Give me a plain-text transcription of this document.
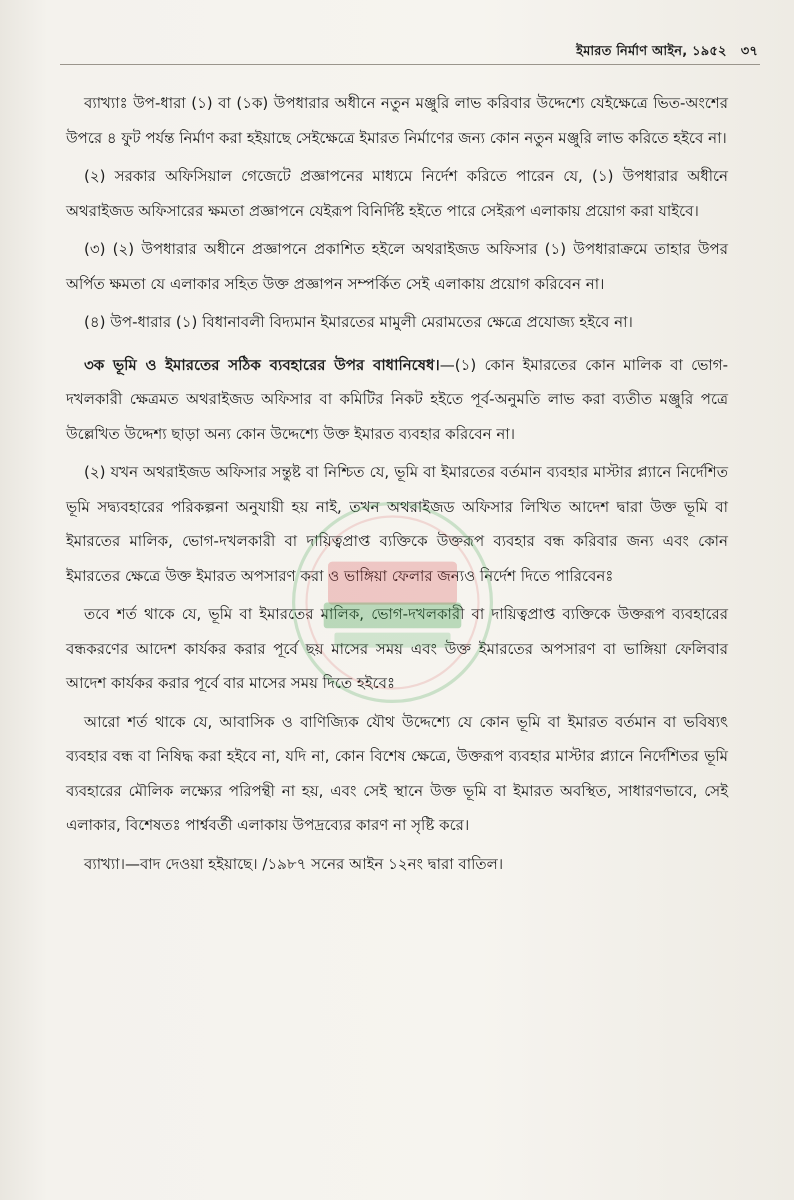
ইমারত নির্মাণ আইন, ১৯৫২ ৩৭

ব্যাখ্যাঃ উপ-ধারা (১) বা (১ক) উপধারার অধীনে নতুন মঞ্জুরি লাভ করিবার উদ্দেশ্যে যেইক্ষেত্রে ভিত-অংশের উপরে ৪ ফুট পর্যন্ত নির্মাণ করা হইয়াছে সেইক্ষেত্রে ইমারত নির্মাণের জন্য কোন নতুন মঞ্জুরি লাভ করিতে হইবে না।

(২) সরকার অফিসিয়াল গেজেটে প্রজ্ঞাপনের মাধ্যমে নির্দেশ করিতে পারেন যে, (১) উপধারার অধীনে অথরাইজড অফিসারের ক্ষমতা প্রজ্ঞাপনে যেইরূপ বিনির্দিষ্ট হইতে পারে সেইরূপ এলাকায় প্রয়োগ করা যাইবে।

(৩) (২) উপধারার অধীনে প্রজ্ঞাপনে প্রকাশিত হইলে অথরাইজড অফিসার (১) উপধারাক্রমে তাহার উপর অর্পিত ক্ষমতা যে এলাকার সহিত উক্ত প্রজ্ঞাপন সম্পর্কিত সেই এলাকায় প্রয়োগ করিবেন না।

(৪) উপ-ধারার (১) বিধানাবলী বিদ্যমান ইমারতের মামুলী মেরামতের ক্ষেত্রে প্রযোজ্য হইবে না।

৩ক ভূমি ও ইমারতের সঠিক ব্যবহারের উপর বাধানিষেধ।—(১) কোন ইমারতের কোন মালিক বা ভোগ-দখলকারী ক্ষেত্রমত অথরাইজড অফিসার বা কমিটির নিকট হইতে পূর্ব-অনুমতি লাভ করা ব্যতীত মঞ্জুরি পত্রে উল্লেখিত উদ্দেশ্য ছাড়া অন্য কোন উদ্দেশ্যে উক্ত ইমারত ব্যবহার করিবেন না।

(২) যখন অথরাইজড অফিসার সন্তুষ্ট বা নিশ্চিত যে, ভূমি বা ইমারতের বর্তমান ব্যবহার মাস্টার প্ল্যানে নির্দেশিত ভূমি সদ্ব্যবহারের পরিকল্পনা অনুযায়ী হয় নাই, তখন অথরাইজড অফিসার লিখিত আদেশ দ্বারা উক্ত ভূমি বা ইমারতের মালিক, ভোগ-দখলকারী বা দায়িত্বপ্রাপ্ত ব্যক্তিকে উক্তরূপ ব্যবহার বন্ধ করিবার জন্য এবং কোন ইমারতের ক্ষেত্রে উক্ত ইমারত অপসারণ করা ও ভাঙ্গিয়া ফেলার জন্যও নির্দেশ দিতে পারিবেনঃ

তবে শর্ত থাকে যে, ভূমি বা ইমারতের মালিক, ভোগ-দখলকারী বা দায়িত্বপ্রাপ্ত ব্যক্তিকে উক্তরূপ ব্যবহারের বন্ধকরণের আদেশ কার্যকর করার পূর্বে ছয় মাসের সময় এবং উক্ত ইমারতের অপসারণ বা ভাঙ্গিয়া ফেলিবার আদেশ কার্যকর করার পূর্বে বার মাসের সময় দিতে হইবেঃ

আরো শর্ত থাকে যে, আবাসিক ও বাণিজ্যিক যৌথ উদ্দেশ্যে যে কোন ভূমি বা ইমারত বর্তমান বা ভবিষ্যৎ ব্যবহার বন্ধ বা নিষিদ্ধ করা হইবে না, যদি না, কোন বিশেষ ক্ষেত্রে, উক্তরূপ ব্যবহার মাস্টার প্ল্যানে নির্দেশিতর ভূমি ব্যবহারের মৌলিক লক্ষ্যের পরিপন্থী না হয়, এবং সেই স্থানে উক্ত ভূমি বা ইমারত অবস্থিত, সাধারণভাবে, সেই এলাকার, বিশেষতঃ পার্শ্ববর্তী এলাকায় উপদ্রব্যের কারণ না সৃষ্টি করে।

ব্যাখ্যা।—বাদ দেওয়া হইয়াছে। /১৯৮৭ সনের আইন ১২নং দ্বারা বাতিল।
